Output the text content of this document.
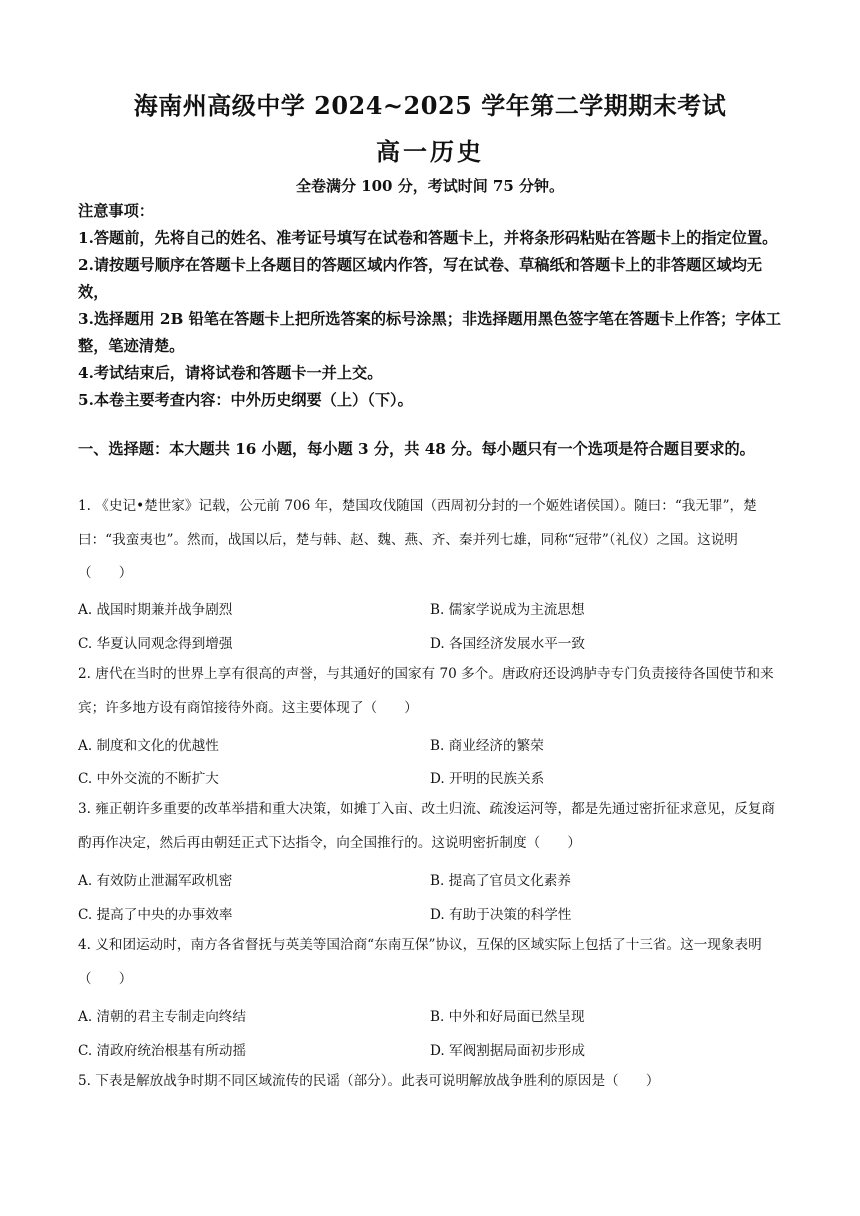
海南州高级中学 2024~2025 学年第二学期期末考试
高一历史
全卷满分 100 分，考试时间 75 分钟。

注意事项：

1.答题前，先将自己的姓名、准考证号填写在试卷和答题卡上，并将条形码粘贴在答题卡上的指定位置。

2.请按题号顺序在答题卡上各题目的答题区域内作答，写在试卷、草稿纸和答题卡上的非答题区域均无效，

3.选择题用 2B 铅笔在答题卡上把所选答案的标号涂黑；非选择题用黑色签字笔在答题卡上作答；字体工整，笔迹清楚。

4.考试结束后，请将试卷和答题卡一并上交。

5.本卷主要考查内容：中外历史纲要（上）（下）。

一、选择题：本大题共 16 小题，每小题 3 分，共 48 分。每小题只有一个选项是符合题目要求的。
1. 《史记•楚世家》记载，公元前 706 年，楚国攻伐随国（西周初分封的一个姬姓诸侯国）。随曰：“我无罪”，楚曰：“我蛮夷也”。然而，战国以后，楚与韩、赵、魏、燕、齐、秦并列七雄，同称“冠带”（礼仪）之国。这说明（　　）
A. 战国时期兼并战争剧烈	B. 儒家学说成为主流思想
C. 华夏认同观念得到增强	D. 各国经济发展水平一致
2. 唐代在当时的世界上享有很高的声誉，与其通好的国家有 70 多个。唐政府还设鸿胪寺专门负责接待各国使节和来宾；许多地方设有商馆接待外商。这主要体现了（　　）
A. 制度和文化的优越性	B. 商业经济的繁荣
C. 中外交流的不断扩大	D. 开明的民族关系
3. 雍正朝许多重要的改革举措和重大决策，如摊丁入亩、改土归流、疏浚运河等，都是先通过密折征求意见，反复商酌再作决定，然后再由朝廷正式下达指令，向全国推行的。这说明密折制度（　　）
A. 有效防止泄漏军政机密	B. 提高了官员文化素养
C. 提高了中央的办事效率	D. 有助于决策的科学性
4. 义和团运动时，南方各省督抚与英美等国洽商“东南互保”协议，互保的区域实际上包括了十三省。这一现象表明（　　）
A. 清朝的君主专制走向终结	B. 中外和好局面已然呈现
C. 清政府统治根基有所动摇	D. 军阀割据局面初步形成
5. 下表是解放战争时期不同区域流传的民谣（部分）。此表可说明解放战争胜利的原因是（　　）
